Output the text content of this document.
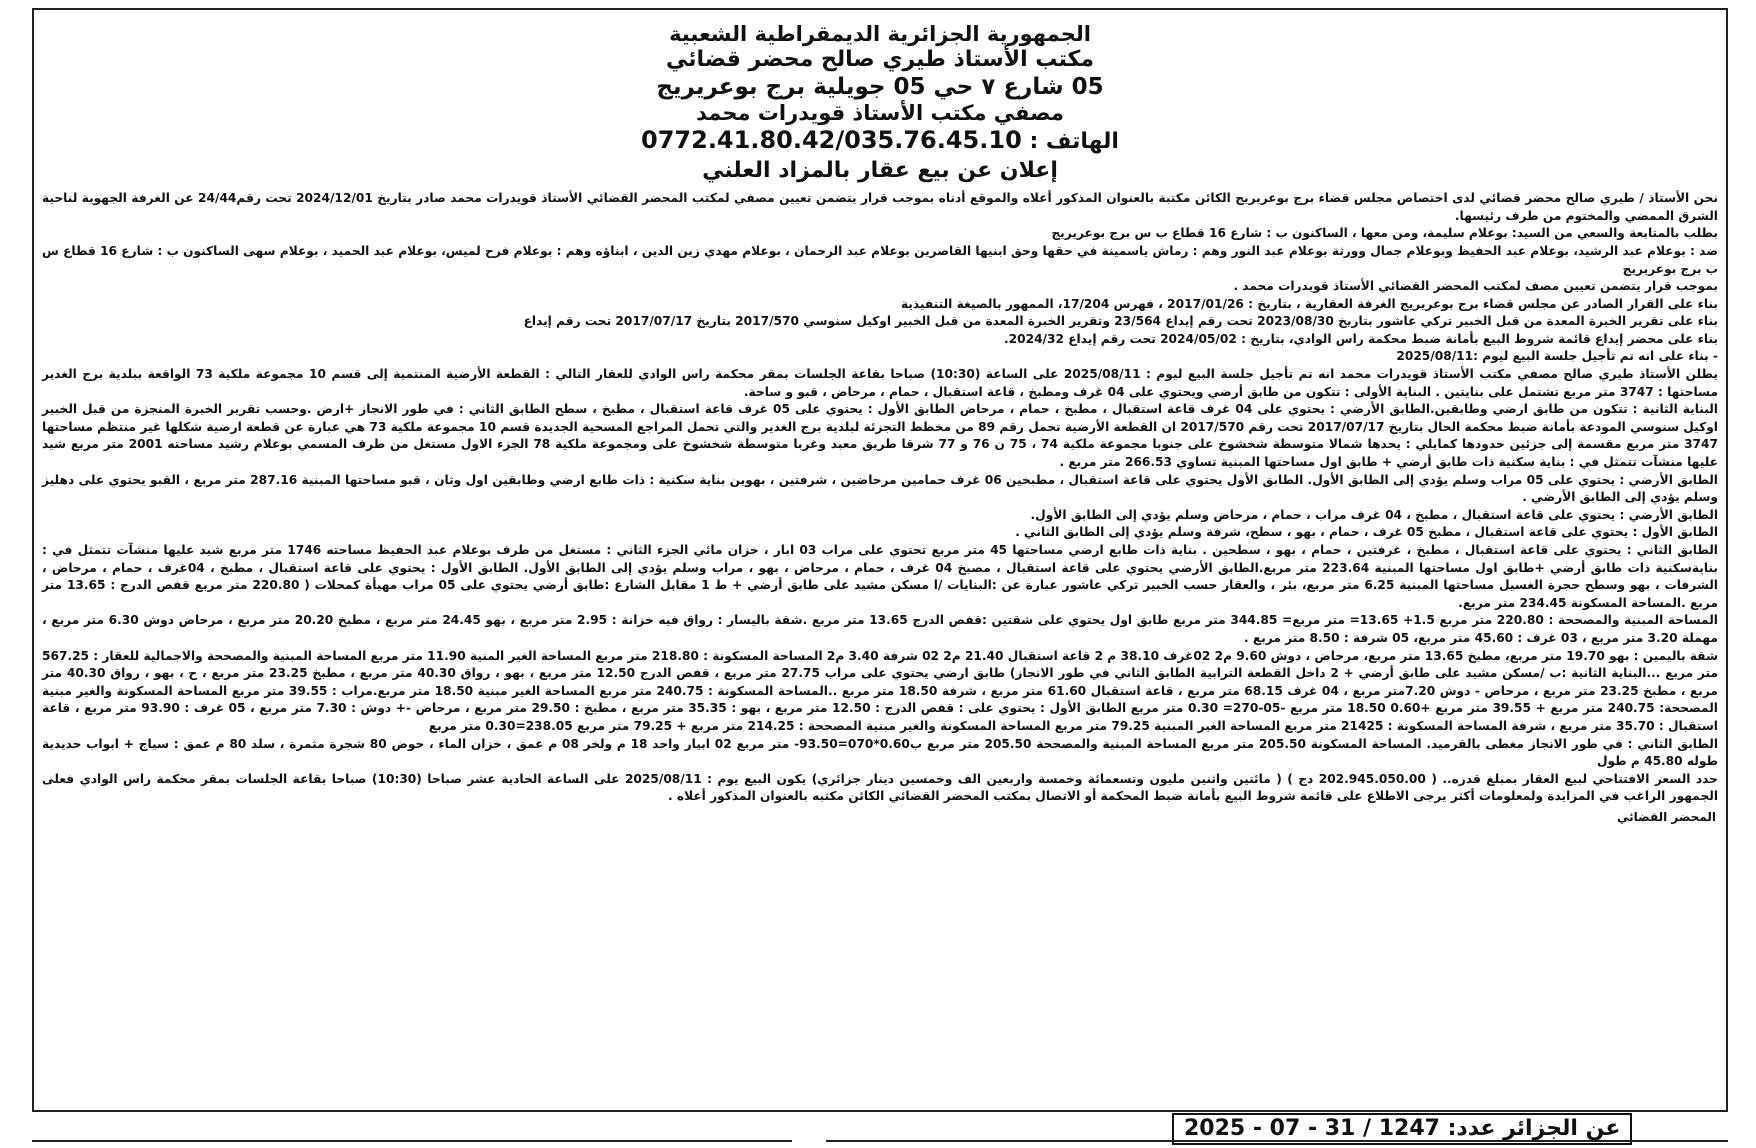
الجمهورية الجزائرية الديمقراطية الشعبية
مكتب الأستاذ طيري صالح محضر قضائي
05 شارع ٧ حي 05 جويلية برج بوعريريج
مصفي مكتب الأستاذ قويدرات محمد
الهاتف : 0772.41.80.42/035.76.45.10
إعلان عن بيع عقار بالمزاد العلني

نحن الأستاذ / طيري صالح محضر قضائي لدى اختصاص مجلس قضاء برج بوعريريج الكائن مكتبة بالعنوان المذكور أعلاه والموقع أدناه بموجب قرار يتضمن تعيين مصفي لمكتب المحضر القضائي الأستاذ قويدرات محمد صادر بتاريخ 2024/12/01 تحت رقم24/44 عن الغرفة الجهوية لناحية الشرق الممضي والمختوم من طرف رئيسها.

بطلب بالمتابعة والسعي من السيد: بوعلام سليمة، ومن معها ، الساكنون ب : شارع 16 قطاع ب س برج بوعريريج

ضد : بوعلام عبد الرشيد، بوعلام عبد الحفيظ وبوعلام جمال وورثة بوعلام عبد النور وهم : رماش ياسمينة في حقها وحق ابنيها القاصرين بوعلام عبد الرحمان ، بوعلام مهدي زين الدين ، ابناؤه وهم : بوعلام فرح لميس، بوعلام عبد الحميد ، بوعلام سهى الساكنون ب : شارع 16 قطاع س ب برج بوعريريج

بموجب قرار يتضمن تعيين مصف لمكتب المحضر القضائي الأستاذ قويدرات محمد .

بناء على القرار الصادر عن مجلس قضاء برج بوعريريج الغرفة العقارية ، بتاريخ : 2017/01/26 ، فهرس 17/204، الممهور بالصيغة التنفيذية

بناء على تقرير الخبرة المعدة من قبل الخبير تركي عاشور بتاريخ 2023/08/30 تحت رقم إيداع 23/564 وتقرير الخبرة المعدة من قبل الخبير اوكيل سنوسي 2017/570 بتاريخ 2017/07/17 تحت رقم إيداع

بناء على محضر إيداع قائمة شروط البيع بأمانة ضبط محكمة راس الوادي، بتاريخ : 2024/05/02 تحت رقم إيداع 2024/32.

- بناء على انه تم تأجيل جلسة البيع ليوم :2025/08/11

يطلن الأستاذ طيري صالح مصفي مكتب الأستاذ قويدرات محمد انه تم تأجيل جلسة البيع ليوم : 2025/08/11 على الساعة (10:30) صباحا بقاعة الجلسات بمقر محكمة راس الوادي للعقار التالي : القطعة الأرضية المنتمية إلى قسم 10 مجموعة ملكية 73 الواقعة ببلدية برج الغدير مساحتها : 3747 متر مربع تشتمل على بنايتين . البناية الأولى : تتكون من طابق أرضي ويحتوي على 04 غرف ومطبخ ، قاعة استقبال ، حمام ، مرحاض ، قبو و ساحة.

البناية الثانية : تتكون من طابق ارضي وطابقين.الطابق الأرضي : يحتوي على 04 غرف قاعة استقبال ، مطبخ ، حمام ، مرحاض الطابق الأول : يحتوي على 05 غرف قاعة استقبال ، مطبخ ، سطح الطابق الثاني : في طور الانجاز +ارض .وحسب تقرير الخبرة المنجزة من قبل الخبير اوكيل سنوسي المودعة بأمانة ضبط محكمة الحال بتاريخ 2017/07/17 تحت رقم 2017/570 ان القطعة الأرضية تحمل رقم 89 من مخطط التجزئة لبلدية برج الغدير والتي تحمل المراجع المسحية الجديدة قسم 10 مجموعة ملكية 73 هي عبارة عن قطعة ارضية شكلها غير منتظم مساحتها 3747 متر مربع مقسمة إلى جزئين حدودها كمايلي : يحدها شمالا متوسطة شخشوخ على جنوبا مجموعة ملكية 74 ، 75 ن 76 و 77 شرقا طريق معبد وغربا متوسطة شخشوخ على ومجموعة ملكية 78 الجزء الاول مستغل من طرف المسمي بوعلام رشيد مساحته 2001 متر مربع شيد عليها منشآت تتمثل في : بناية سكنية ذات طابق أرضي + طابق اول مساحتها المبنية تساوي 266.53 متر مربع .

الطابق الأرضي : يحتوي على 05 مراب وسلم يؤدي إلى الطابق الأول. الطابق الأول يحتوي على قاعة استقبال ، مطبخين 06 غرف حمامين مرحاضين ، شرفتين ، بهوين بناية سكنية : ذات طابع ارضي وطابقين اول وثان ، قبو مساحتها المبنية 287.16 متر مربع ، القبو يحتوي على دهليز وسلم يؤدي إلى الطابق الأرضي .

الطابق الأرضي : يحتوي على قاعة استقبال ، مطبخ ، 04 غرف مراب ، حمام ، مرحاض وسلم يؤدي إلى الطابق الأول.

الطابق الأول : يحتوي على قاعة استقبال ، مطبخ 05 غرف ، حمام ، بهو ، سطح، شرفة وسلم يؤدي إلى الطابق الثاني .

الطابق الثاني : يحتوي على قاعة استقبال ، مطبخ ، غرفتين ، حمام ، بهو ، سطحين . بناية ذات طابع ارضي مساحتها 45 متر مربع تحتوي على مراب 03 ابار ، خزان مائي الجزء الثاني : مستغل من طرف بوعلام عبد الحفيظ مساحته 1746 متر مربع شيد عليها منشآت تتمثل في : بنايةسكنية ذات طابق أرضي +طابق اول مساحتها المبنية 223.64 متر مربع.الطابق الأرضي يحتوي على قاعة استقبال ، مصبخ 04 غرف ، حمام ، مرحاض ، بهو ، مراب وسلم يؤدي إلى الطابق الأول. الطابق الأول : يحتوي على قاعة استقبال ، مطبخ ، 04غرف ، حمام ، مرحاض ، الشرفات ، بهو وسطح حجرة الغسيل مساحتها المبنية 6.25 متر مربع، بئر ، والعقار حسب الخبير تركي عاشور عبارة عن :البنايات /ا مسكن مشيد على طابق أرضي + ط 1 مقابل الشارع :طابق أرضي يحتوي على 05 مراب مهيأة كمحلات ( 220.80 متر مربع قفص الدرج : 13.65 متر مربع .المساحة المسكونة 234.45 متر مربع.

المساحة المبنية والمصححة : 220.80 متر مربع 1.5+ 13.65= متر مربع= 344.85 متر مربع طابق اول يحتوي على شقتين :قفص الدرج 13.65 متر مربع .شقة باليسار : رواق فيه خزانة : 2.95 متر مربع ، بهو 24.45 متر مربع ، مطبخ 20.20 متر مربع ، مرحاض دوش 6.30 متر مربع ، مهملة 3.20 متر مربع ، 03 غرف : 45.60 متر مربع، 05 شرفة : 8.50 متر مربع .

شقة باليمين : بهو 19.70 متر مربع، مطبخ 13.65 متر مربع، مرحاض ، دوش 9.60 م2 02غرف 38.10 م 2 قاعة استقبال 21.40 م2 02 شرفة 3.40 م2 المساحة المسكونة : 218.80 متر مربع المساحة الغير المنية 11.90 متر مربع المساحة المبنية والمصححة والاجمالية للعقار : 567.25 متر مربع ...البناية الثانية :ب /مسكن مشيد على طابق أرضي + 2 داخل القطعة الترابية الطابق الثاني في طور الانجاز) طابق ارضي يحتوي على مراب 27.75 متر مربع ، قفص الدرج 12.50 متر مربع ، بهو ، رواق 40.30 متر مربع ، مطبخ 23.25 متر مربع ، ح ، بهو ، رواق 40.30 متر مربع ، مطبخ 23.25 متر مربع ، مرحاض - دوش 7.20متر مربع ، 04 غرف 68.15 متر مربع ، قاعة استقبال 61.60 متر مربع ، شرفة 18.50 متر مربع ..المساحة المسكونة : 240.75 متر مربع المساحة الغير مبنية 18.50 متر مربع.مراب : 39.55 متر مربع المساحة المسكونة والغير مبنية المصححة: 240.75 متر مربع + 39.55 متر مربع +0.60 18.50 متر مربع -05-270= 0.30 متر مربع الطابق الأول : يحتوي على : قفص الدرج : 12.50 متر مربع ، بهو : 35.35 متر مربع ، مطبخ : 29.50 متر مربع ، مرحاض -+ دوش : 7.30 متر مربع ، 05 غرف : 93.90 متر مربع ، قاعة استقبال : 35.70 متر مربع ، شرفة المساحة المسكونة : 21425 متر مربع المساحة الغير المبنية 79.25 متر مربع المساحة المسكونة والغير مبنية المصححة : 214.25 متر مربع + 79.25 متر مربع 238.05=0.30 متر مربع

الطابق الثاني : في طور الانجاز مغطى بالقرميد. المساحة المسكونة 205.50 متر مربع المساحة المبنية والمصححة 205.50 متر مربع ب0.60*070=93.50- متر مربع 02 ابيار واحد 18 م ولخر 08 م عمق ، خزان الماء ، حوض 80 شجرة مثمرة ، سلد 80 م عمق : سياج + ابواب حديدية طوله 45.80 م طول

حدد السعر الافتتاحي لبيع العقار بمبلغ قدره.. ( 202.945.050.00 دج ) ( مائتين واثنين مليون وتسعمائة وخمسة واربعين الف وخمسين دينار جزائري) يكون البيع يوم : 2025/08/11 على الساعة الحادية عشر صباحا (10:30) صباحا بقاعة الجلسات بمقر محكمة راس الوادي فعلى الجمهور الراغب في المزايدة ولمعلومات أكثر يرجى الاطلاع على قائمة شروط البيع بأمانة ضبط المحكمة أو الاتصال بمكتب المحضر القضائي الكائن مكتبه بالعنوان المذكور أعلاه .

المحضر القضائي
عن الجزائر عدد: 2025 - 07 - 31 / 1247
